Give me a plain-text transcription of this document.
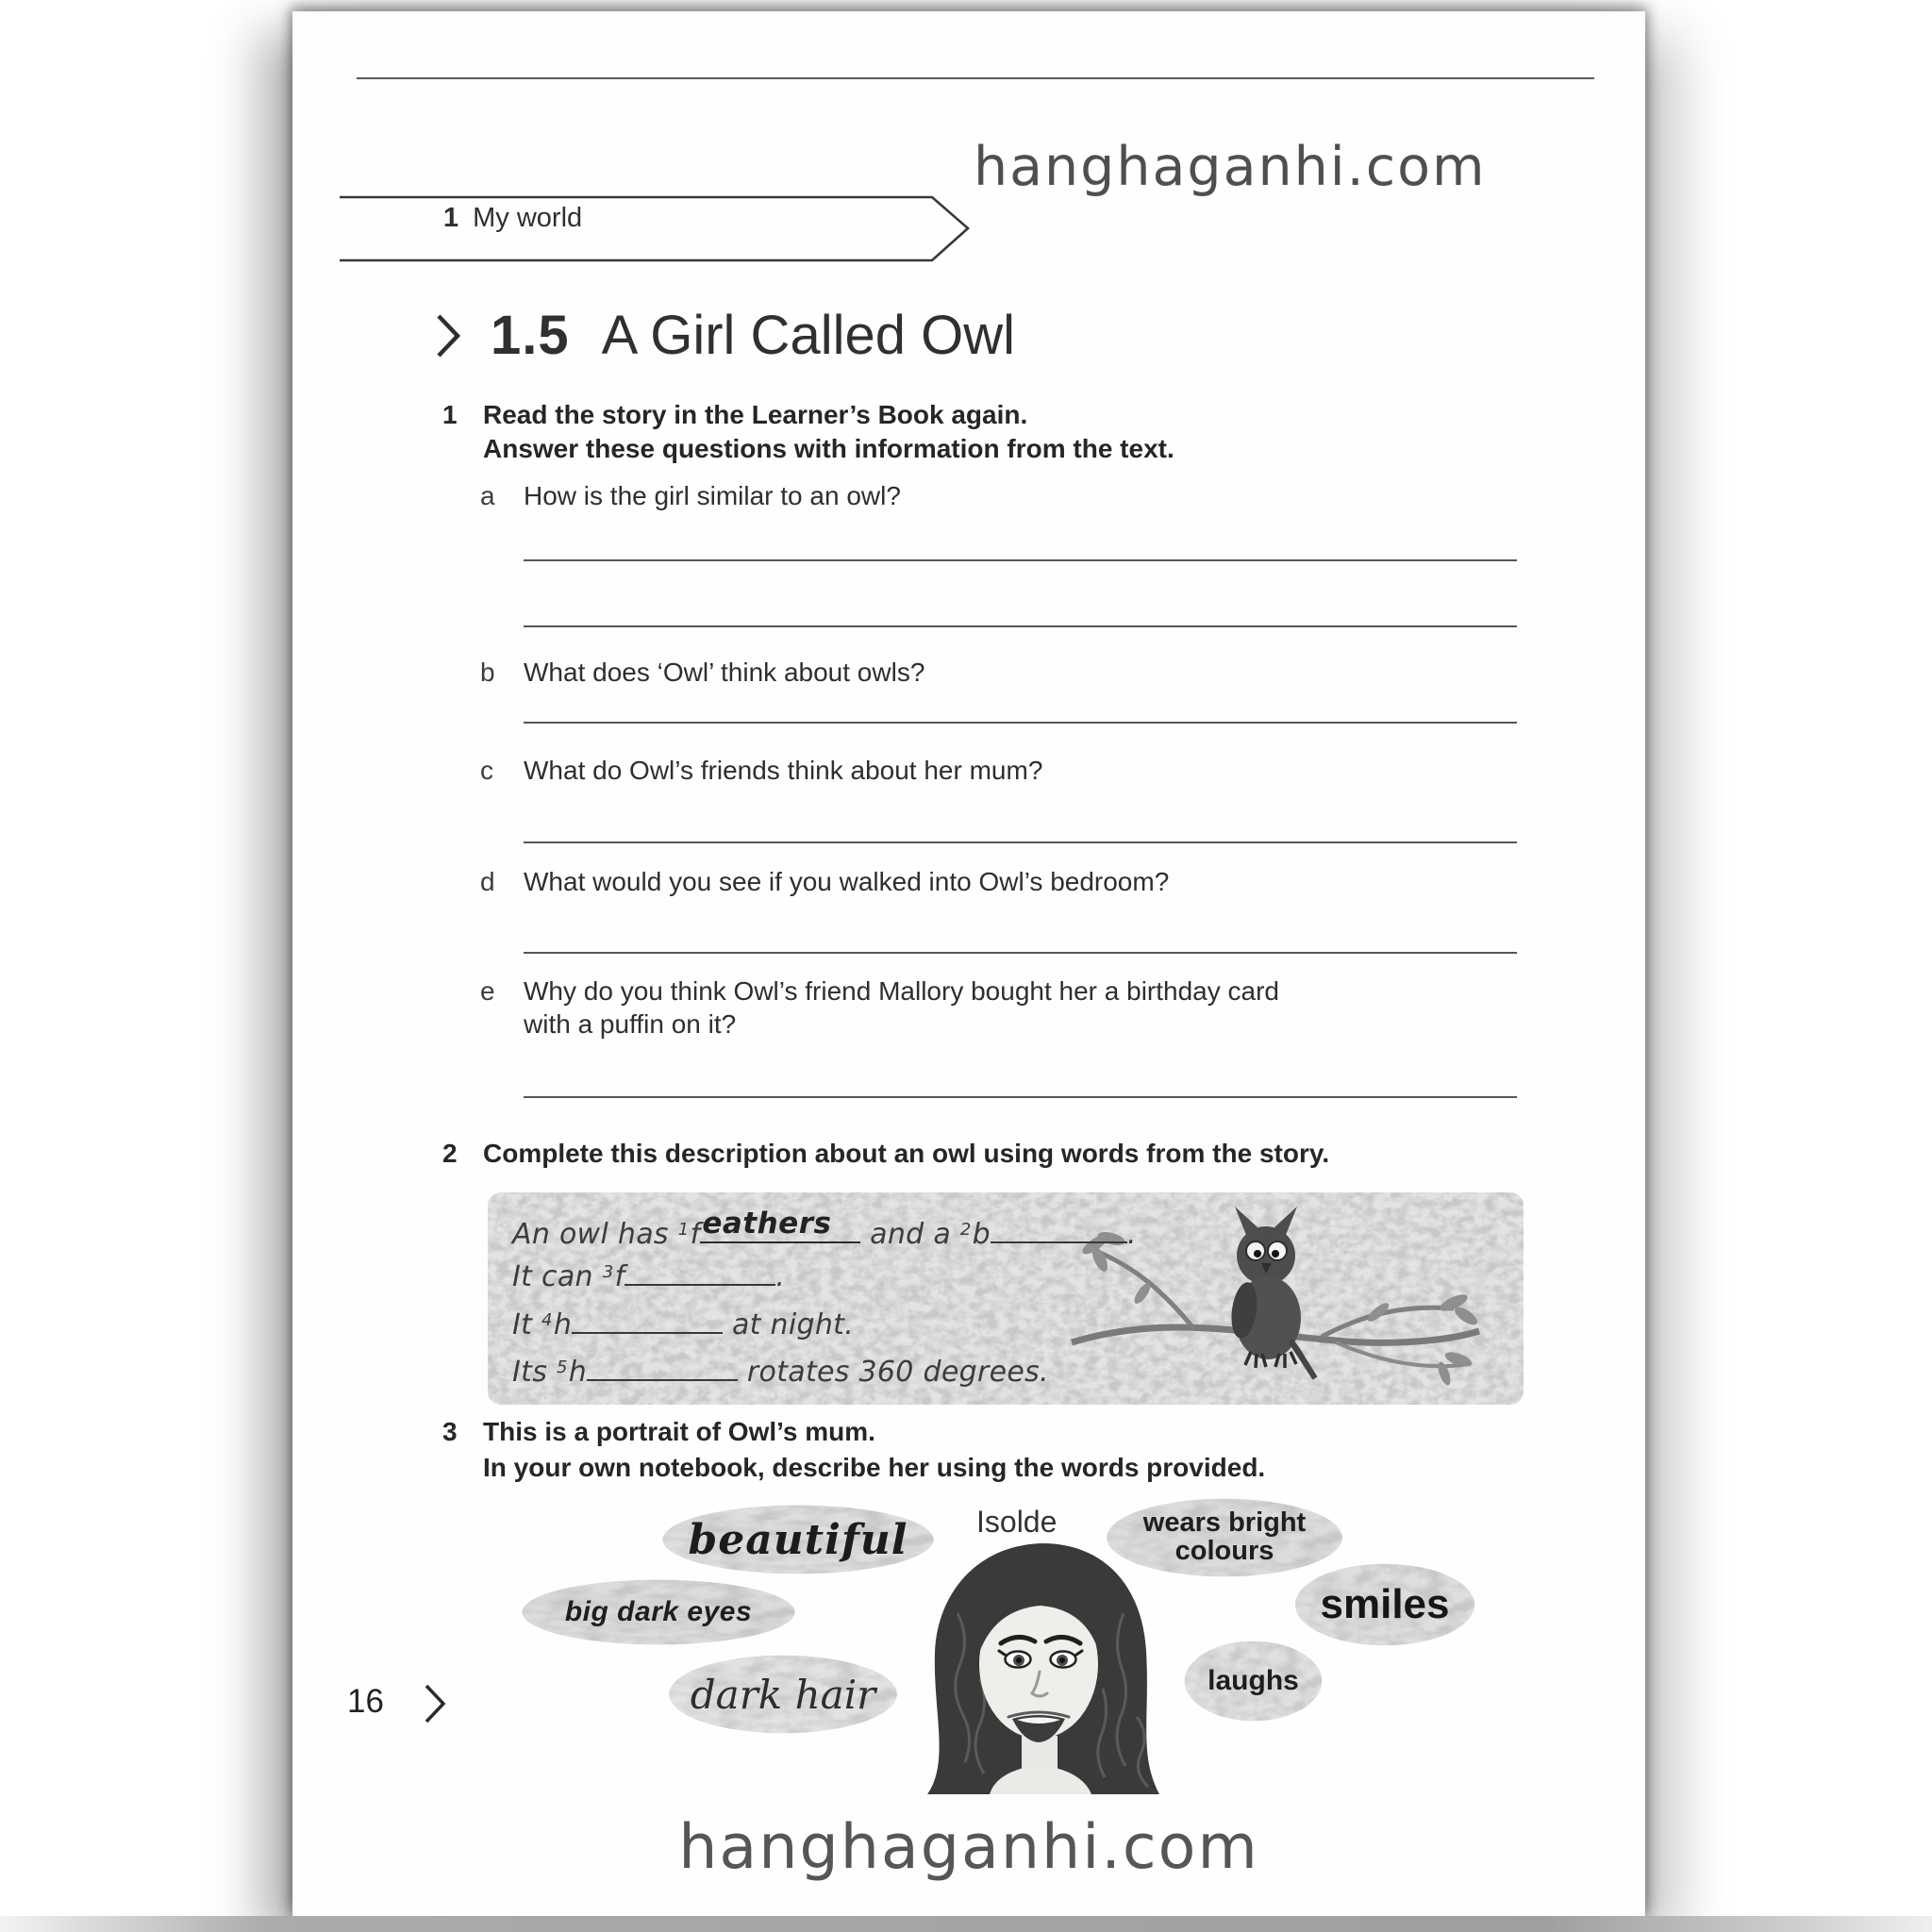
hanghaganhi.com
1 My world
1.5 A Girl Called Owl
1 Read the story in the Learner’s Book again.
Answer these questions with information from the text.
a How is the girl similar to an owl?
b What does ‘Owl’ think about owls?
c What do Owl’s friends think about her mum?
d What would you see if you walked into Owl’s bedroom?
e Why do you think Owl’s friend Mallory bought her a birthday card
with a puffin on it?
2 Complete this description about an owl using words from the story.
An owl has $^1$f eathers and a $^2$b	.
It can $^3$f	.
It $^4$h	at night.
Its $^5$h	rotates 360 degrees.
3 This is a portrait of Owl’s mum.
In your own notebook, describe her using the words provided.
Isolde
beautiful
big dark eyes
dark hair
wears bright colours
smiles
laughs
16
hanghaganhi.com
